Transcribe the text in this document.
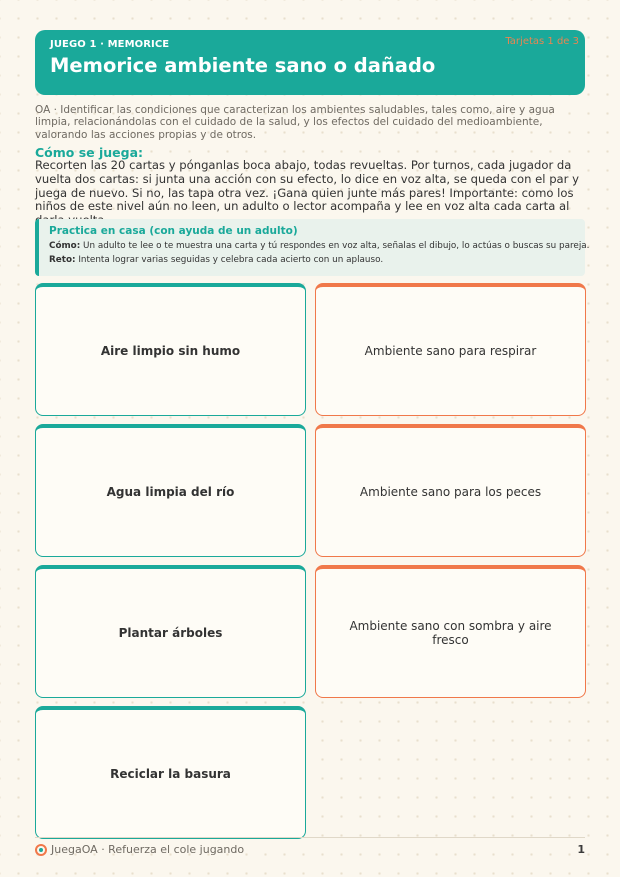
JUEGO 1 · MEMORICE
Memorice ambiente sano o dañado
Tarjetas 1 de 3
OA · Identificar las condiciones que caracterizan los ambientes saludables, tales como, aire y agua limpia, relacionándolas con el cuidado de la salud, y los efectos del cuidado del medioambiente, valorando las acciones propias y de otros.
Cómo se juega:
Recorten las 20 cartas y pónganlas boca abajo, todas revueltas. Por turnos, cada jugador da vuelta dos cartas: si junta una acción con su efecto, lo dice en voz alta, se queda con el par y juega de nuevo. Si no, las tapa otra vez. ¡Gana quien junte más pares! Importante: como los niños de este nivel aún no leen, un adulto o lector acompaña y lee en voz alta cada carta al
Practica en casa (con ayuda de un adulto)
Cómo: Un adulto te lee o te muestra una carta y tú respondes en voz alta, señalas el dibujo, lo actúas o buscas su pareja.
Reto: Intenta lograr varias seguidas y celebra cada acierto con un aplauso.
Aire limpio sin humo	Ambiente sano para respirar
Agua limpia del río	Ambiente sano para los peces
Plantar árboles	Ambiente sano con sombra y aire fresco
Reciclar la basura
JuegaOA · Refuerza el cole jugando	1
